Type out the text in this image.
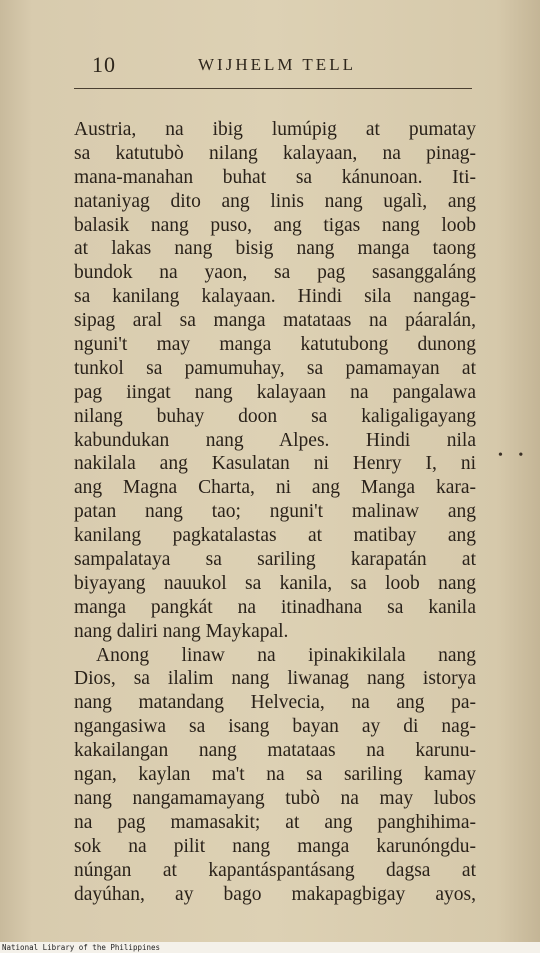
10	WIJHELM TELL
Austria, na ibig lumúpig at pumatay
sa katutubò nilang kalayaan, na pinag-
mana-manahan buhat sa kánunoan. Iti-
nataniyag dito ang linis nang ugalì, ang
balasik nang puso, ang tigas nang loob
at lakas nang bisig nang manga taong
bundok na yaon, sa pag sasanggaláng
sa kanilang kalayaan. Hindi sila nangag-
sipag aral sa manga matataas na páaralán,
nguni't may manga katutubong dunong
tunkol sa pamumuhay, sa pamamayan at
pag iingat nang kalayaan na pangalawa
nilang buhay doon sa kaligaligayang
kabundukan nang Alpes. Hindi nila
nakilala ang Kasulatan ni Henry I, ni
ang Magna Charta, ni ang Manga kara-
patan nang tao; nguni't malinaw ang
kanilang pagkatalastas at matibay ang
sampalataya sa sariling karapatán at
biyayang nauukol sa kanila, sa loob nang
manga pangkát na itinadhana sa kanila
nang daliri nang Maykapal.
Anong linaw na ipinakikilala nang
Dios, sa ilalim nang liwanag nang istorya
nang matandang Helvecia, na ang pa-
ngangasiwa sa isang bayan ay di nag-
kakailangan nang matataas na karunu-
ngan, kaylan ma't na sa sariling kamay
nang nangamamayang tubò na may lubos
na pag mamasakit; at ang panghihima-
sok na pilit nang manga karunóngdu-
núngan at kapantáspantásang dagsa at
dayúhan, ay bago makapagbigay ayos,
• •
National Library of the Philippines
